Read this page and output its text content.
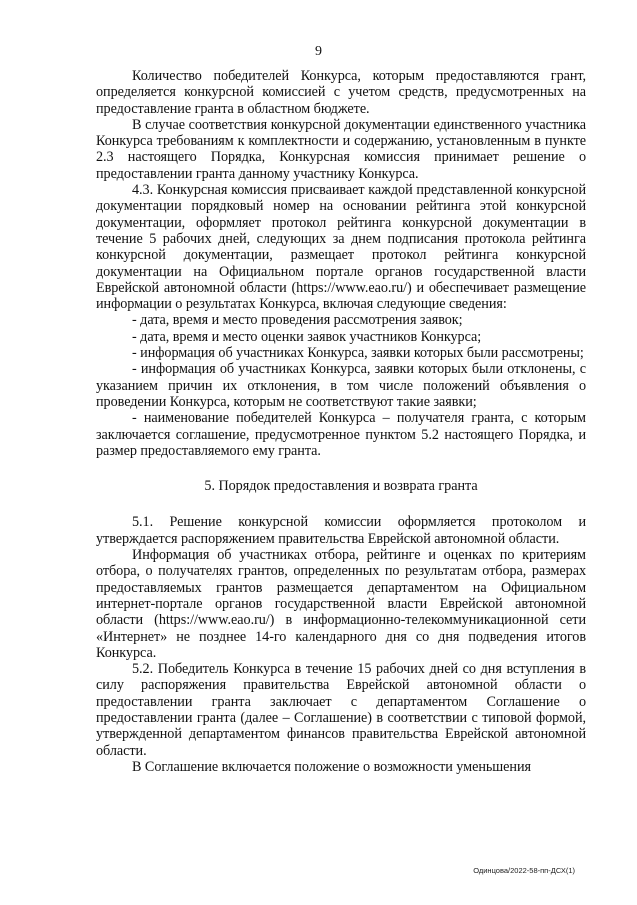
9

Количество победителей Конкурса, которым предоставляются грант, определяется конкурсной комиссией с учетом средств, предусмотренных на предоставление гранта в областном бюджете.

В случае соответствия конкурсной документации единственного участника Конкурса требованиям к комплектности и содержанию, установленным в пункте 2.3 настоящего Порядка, Конкурсная комиссия принимает решение о предоставлении гранта данному участнику Конкурса.

4.3. Конкурсная комиссия присваивает каждой представленной конкурсной документации порядковый номер на основании рейтинга этой конкурсной документации, оформляет протокол рейтинга конкурсной документации в течение 5 рабочих дней, следующих за днем подписания протокола рейтинга конкурсной документации, размещает протокол рейтинга конкурсной документации на Официальном портале органов государственной власти Еврейской автономной области (https://www.eao.ru/) и обеспечивает размещение информации о результатах Конкурса, включая следующие сведения:

- дата, время и место проведения рассмотрения заявок;

- дата, время и место оценки заявок участников Конкурса;

- информация об участниках Конкурса, заявки которых были рассмотрены;

- информация об участниках Конкурса, заявки которых были отклонены, с указанием причин их отклонения, в том числе положений объявления о проведении Конкурса, которым не соответствуют такие заявки;

- наименование победителей Конкурса – получателя гранта, с которым заключается соглашение, предусмотренное пунктом 5.2 настоящего Порядка, и размер предоставляемого ему гранта.

5. Порядок предоставления и возврата гранта

5.1. Решение конкурсной комиссии оформляется протоколом и утверждается распоряжением правительства Еврейской автономной области.

Информация об участниках отбора, рейтинге и оценках по критериям отбора, о получателях грантов, определенных по результатам отбора, размерах предоставляемых грантов размещается департаментом на Официальном интернет-портале органов государственной власти Еврейской автономной области (https://www.eao.ru/) в информационно-телекоммуникационной сети «Интернет» не позднее 14-го календарного дня со дня подведения итогов Конкурса.

5.2. Победитель Конкурса в течение 15 рабочих дней со дня вступления в силу распоряжения правительства Еврейской автономной области о предоставлении гранта заключает с департаментом Соглашение о предоставлении гранта (далее – Соглашение) в соответствии с типовой формой, утвержденной департаментом финансов правительства Еврейской автономной области.

В Соглашение включается положение о возможности уменьшения

Одинцова/2022-58-пп-ДСХ(1)
